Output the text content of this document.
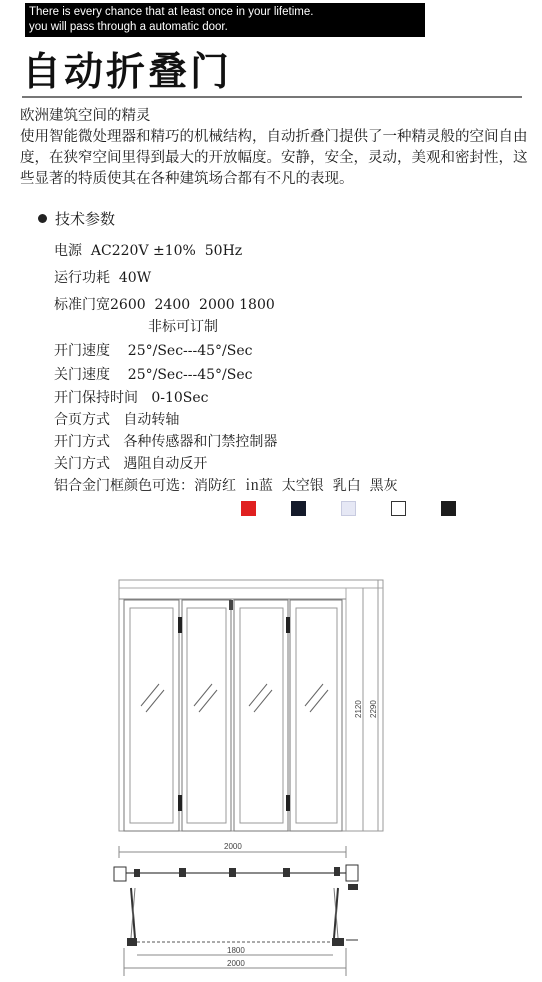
There is every chance that at least once in your lifetime.
you will pass through a automatic door.
自动折叠门

欧洲建筑空间的精灵

使用智能微处理器和精巧的机械结构，自动折叠门提供了一种精灵般的空间自由度，在狭窄空间里得到最大的开放幅度。安静，安全，灵动，美观和密封性，这些显著的特质使其在各种建筑场合都有不凡的表现。

技术参数
电源  AC220V ±10%  50Hz
运行功耗  40W
标准门宽2600  2400  2000 1800
非标可订制
开门速度    25°/Sec---45°/Sec
关门速度    25°/Sec---45°/Sec
开门保持时间   0-10Sec
合页方式   自动转轴
开门方式   各种传感器和门禁控制器
关门方式   遇阻自动反开
铝合金门框颜色可选：消防红  ㏌蓝  太空银  乳白  黑灰
2120 2290
2000
1800
2000
